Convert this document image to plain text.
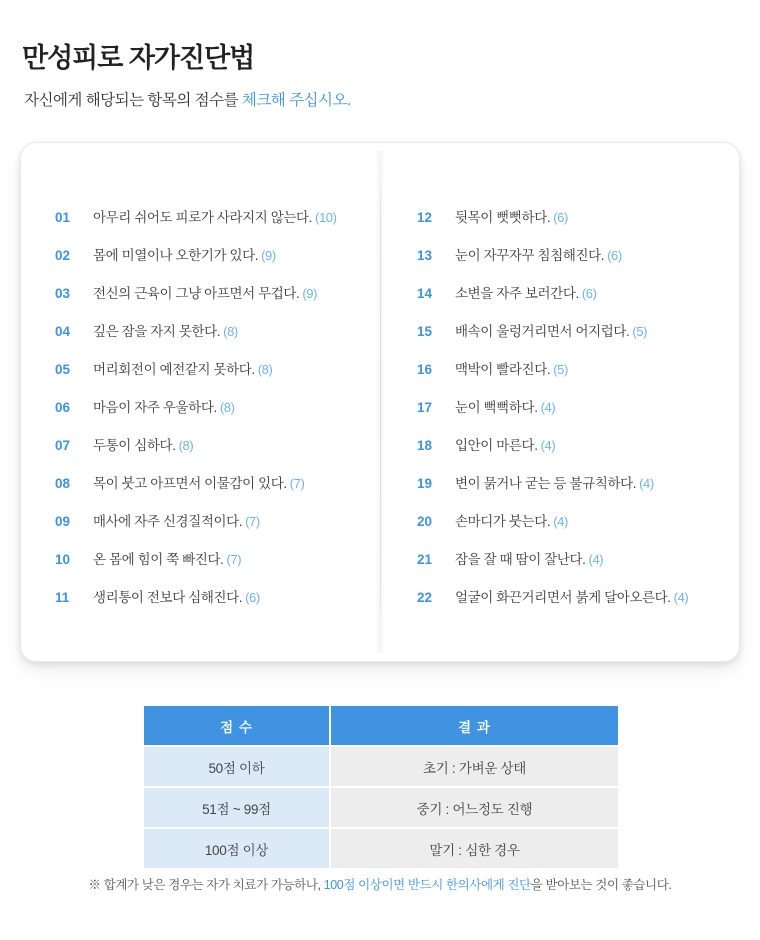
만성피로 자가진단법
자신에게 해당되는 항목의 점수를 체크해 주십시오.
01	아무리 쉬어도 피로가 사라지지 않는다. (10)
02	몸에 미열이나 오한기가 있다. (9)
03	전신의 근육이 그냥 아프면서 무겁다. (9)
04	깊은 잠을 자지 못한다. (8)
05	머리회전이 예전같지 못하다. (8)
06	마음이 자주 우울하다. (8)
07	두통이 심하다. (8)
08	목이 붓고 아프면서 이물감이 있다. (7)
09	매사에 자주 신경질적이다. (7)
10	온 몸에 힘이 쭉 빠진다. (7)
11	생리통이 전보다 심해진다. (6)
12	뒷목이 뻣뻣하다. (6)
13	눈이 자꾸자꾸 침침해진다. (6)
14	소변을 자주 보러간다. (6)
15	배속이 울렁거리면서 어지럽다. (5)
16	맥박이 빨라진다. (5)
17	눈이 뻑뻑하다. (4)
18	입안이 마른다. (4)
19	변이 묽거나 굳는 등 불규칙하다. (4)
20	손마디가 붓는다. (4)
21	잠을 잘 때 땀이 잘난다. (4)
22	얼굴이 화끈거리면서 붉게 달아오른다. (4)
점 수	결 과
50점 이하	초기 : 가벼운 상태
51점 ~ 99점	중기 : 어느정도 진행
100점 이상	말기 : 심한 경우
※ 합계가 낮은 경우는 자가 치료가 가능하나, 100점 이상이면 반드시 한의사에게 진단을 받아보는 것이 좋습니다.
